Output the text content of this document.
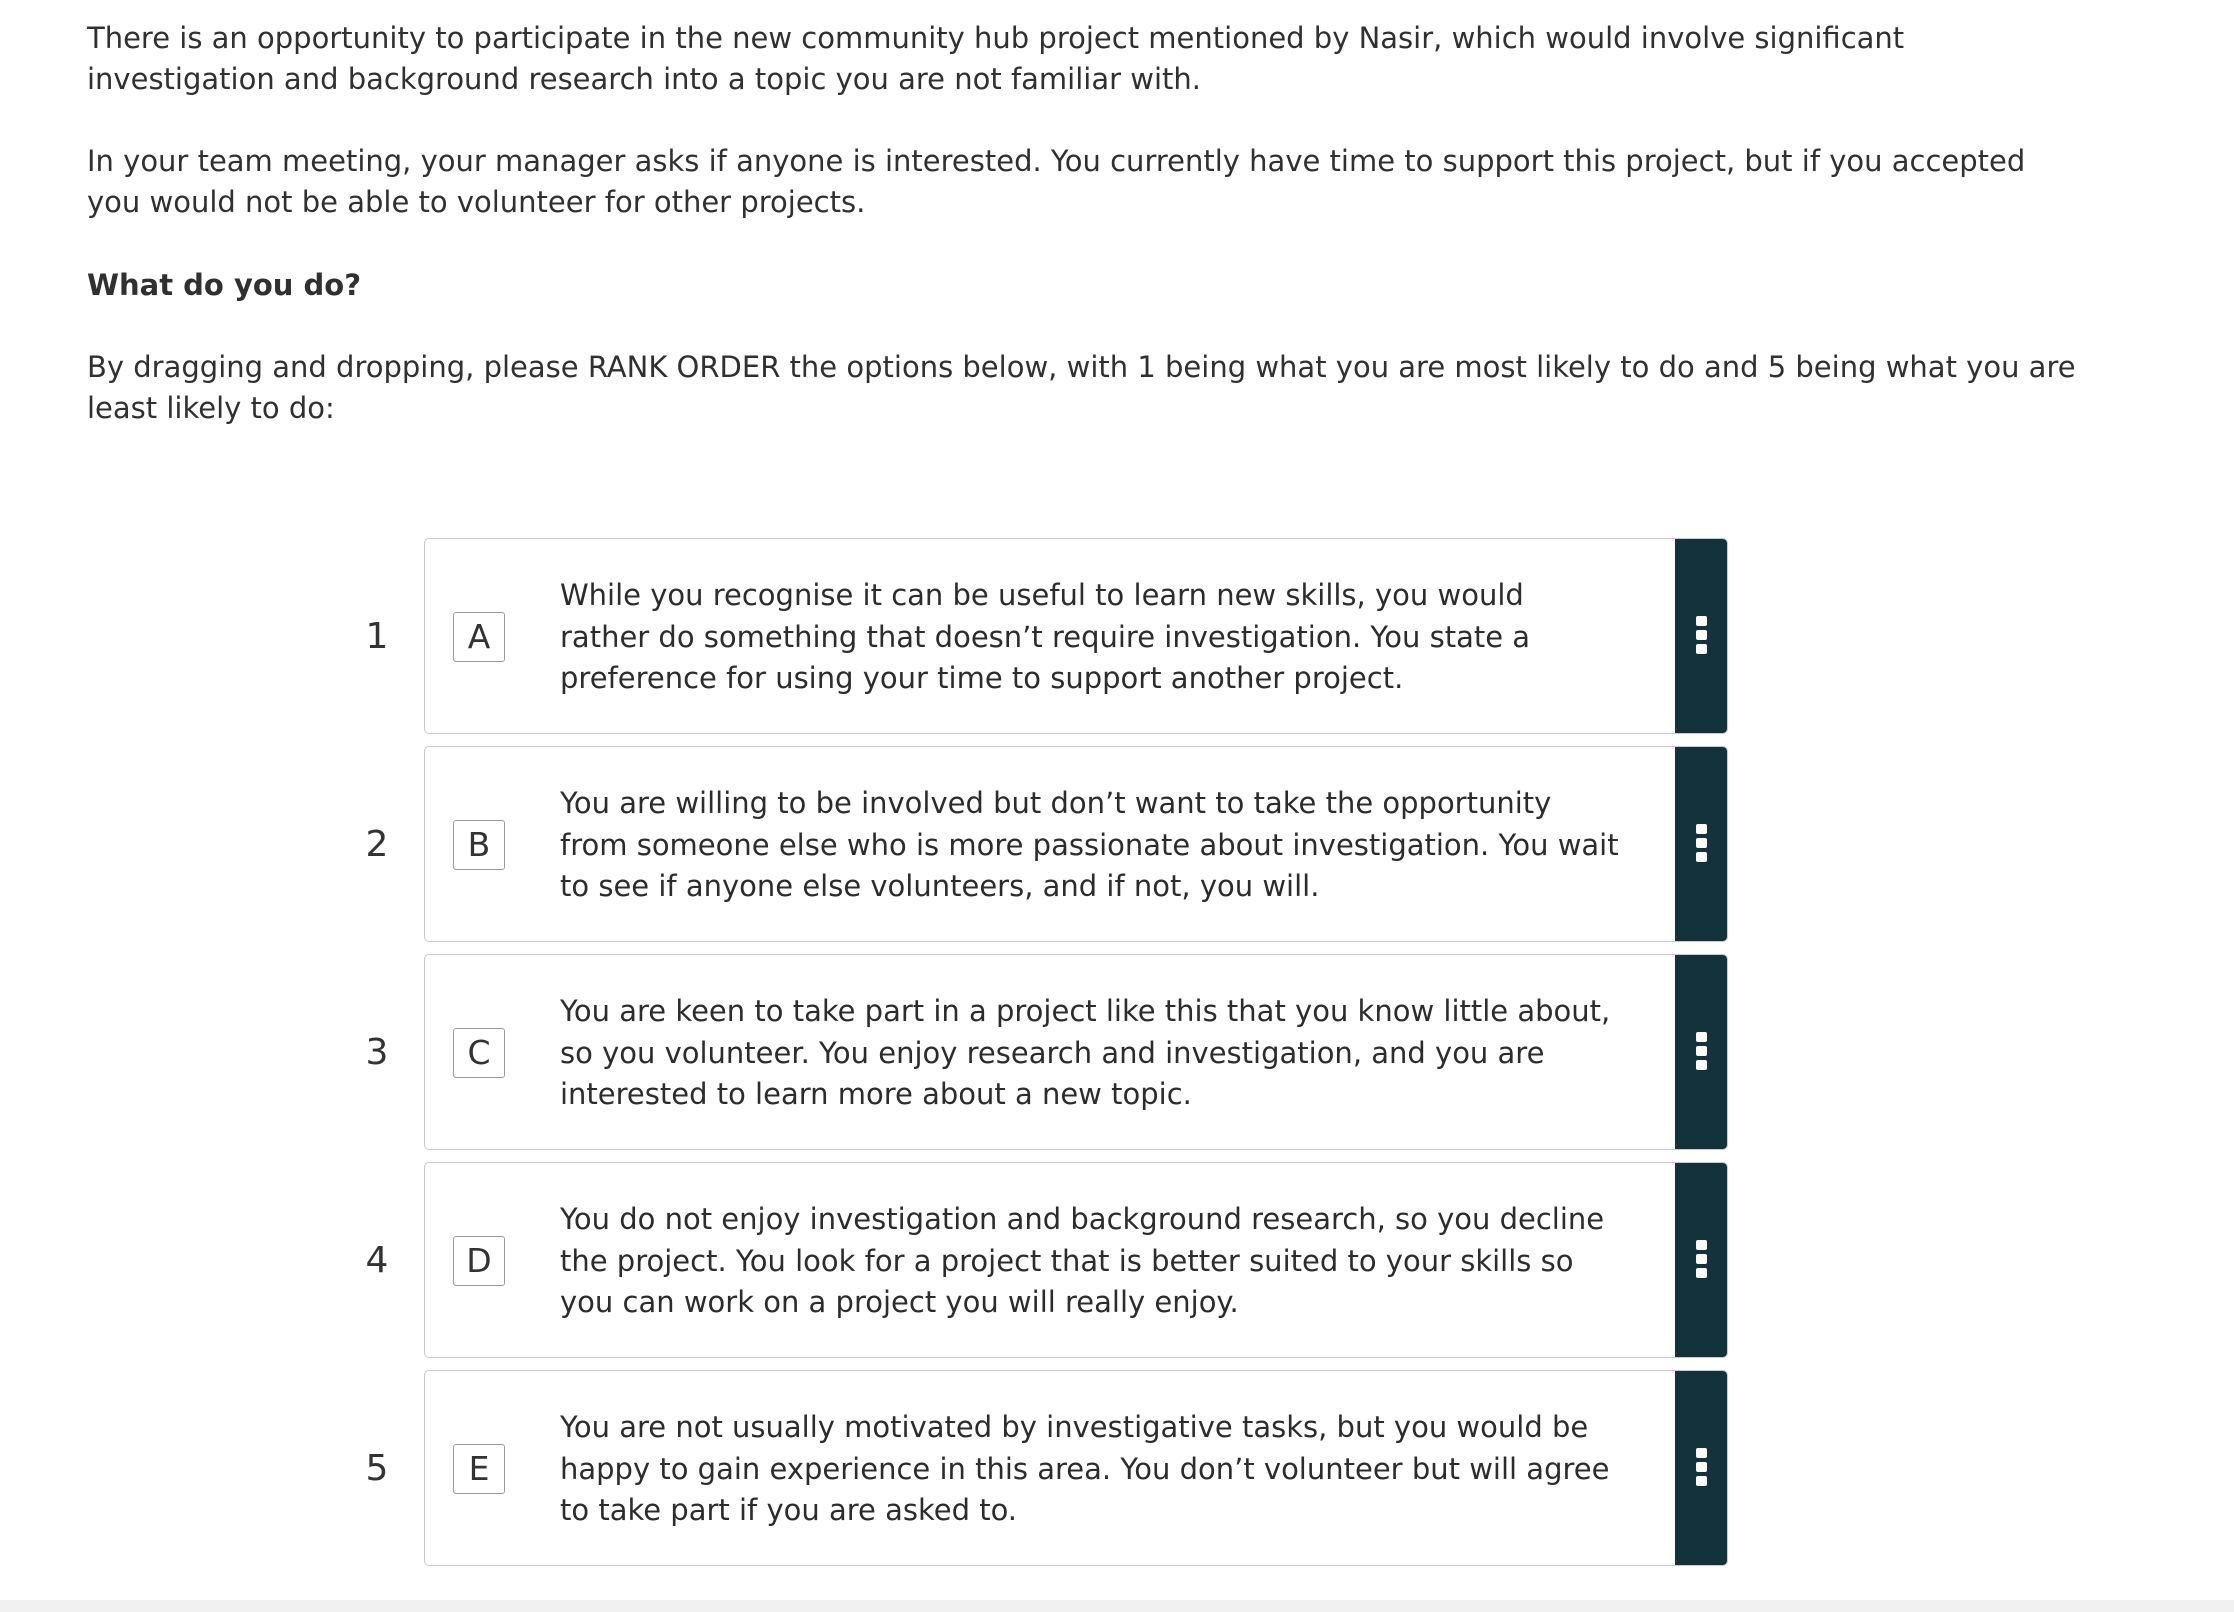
There is an opportunity to participate in the new community hub project mentioned by Nasir, which would involve significant investigation and background research into a topic you are not familiar with.

In your team meeting, your manager asks if anyone is interested. You currently have time to support this project, but if you accepted you would not be able to volunteer for other projects.

What do you do?

By dragging and dropping, please RANK ORDER the options below, with 1 being what you are most likely to do and 5 being what you are least likely to do:

1	A
While you recognise it can be useful to learn new skills, you would rather do something that doesn’t require investigation. You state a preference for using your time to support another project.
2	B
You are willing to be involved but don’t want to take the opportunity from someone else who is more passionate about investigation. You wait to see if anyone else volunteers, and if not, you will.
3	C
You are keen to take part in a project like this that you know little about, so you volunteer. You enjoy research and investigation, and you are interested to learn more about a new topic.
4	D
You do not enjoy investigation and background research, so you decline the project. You look for a project that is better suited to your skills so you can work on a project you will really enjoy.
5	E
You are not usually motivated by investigative tasks, but you would be happy to gain experience in this area. You don’t volunteer but will agree to take part if you are asked to.
